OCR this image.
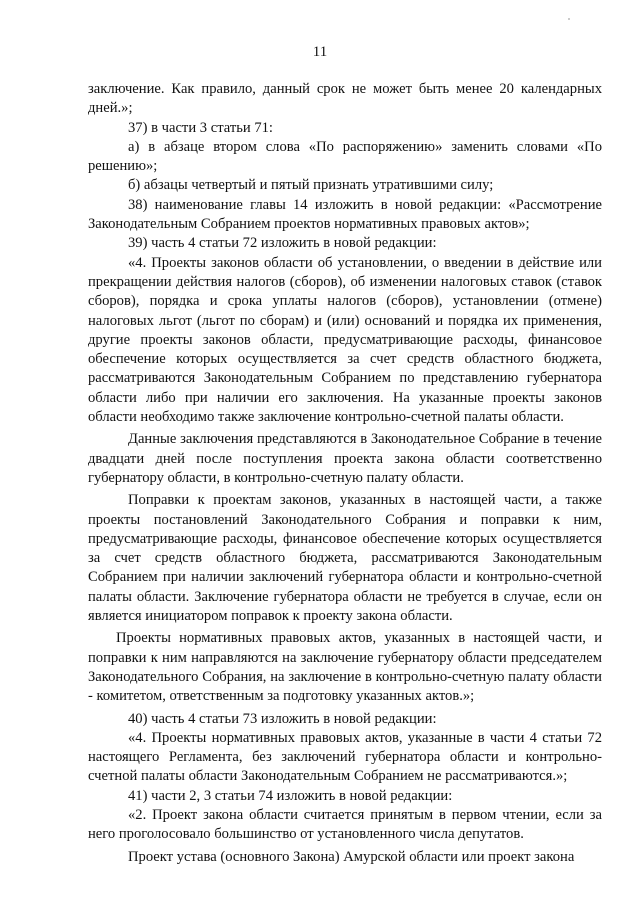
11

заключение. Как правило, данный срок не может быть менее 20 календарных дней.»;

37) в части 3 статьи 71:

а) в абзаце втором слова «По распоряжению» заменить словами «По решению»;

б) абзацы четвертый и пятый признать утратившими силу;

38) наименование главы 14 изложить в новой редакции: «Рассмотрение Законодательным Собранием проектов нормативных правовых актов»;

39) часть 4 статьи 72 изложить в новой редакции:

«4. Проекты законов области об установлении, о введении в действие или прекращении действия налогов (сборов), об изменении налоговых ставок (ставок сборов), порядка и срока уплаты налогов (сборов), установлении (отмене) налоговых льгот (льгот по сборам) и (или) оснований и порядка их применения, другие проекты законов области, предусматривающие расходы, финансовое обеспечение которых осуществляется за счет средств областного бюджета, рассматриваются Законодательным Собранием по представлению губернатора области либо при наличии его заключения. На указанные проекты законов области необходимо также заключение контрольно-счетной палаты области.

Данные заключения представляются в Законодательное Собрание в течение двадцати дней после поступления проекта закона области соответственно губернатору области, в контрольно-счетную палату области.

Поправки к проектам законов, указанных в настоящей части, а также проекты постановлений Законодательного Собрания и поправки к ним, предусматривающие расходы, финансовое обеспечение которых осуществляется за счет средств областного бюджета, рассматриваются Законодательным Собранием при наличии заключений губернатора области и контрольно-счетной палаты области. Заключение губернатора области не требуется в случае, если он является инициатором поправок к проекту закона области.

Проекты нормативных правовых актов, указанных в настоящей части, и поправки к ним направляются на заключение губернатору области председателем Законодательного Собрания, на заключение в контрольно-счетную палату области - комитетом, ответственным за подготовку указанных актов.»;

40) часть 4 статьи 73 изложить в новой редакции:

«4. Проекты нормативных правовых актов, указанные в части 4 статьи 72 настоящего Регламента, без заключений губернатора области и контрольно-счетной палаты области Законодательным Собранием не рассматриваются.»;

41) части 2, 3 статьи 74 изложить в новой редакции:

«2. Проект закона области считается принятым в первом чтении, если за него проголосовало большинство от установленного числа депутатов.

Проект устава (основного Закона) Амурской области или проект закона
